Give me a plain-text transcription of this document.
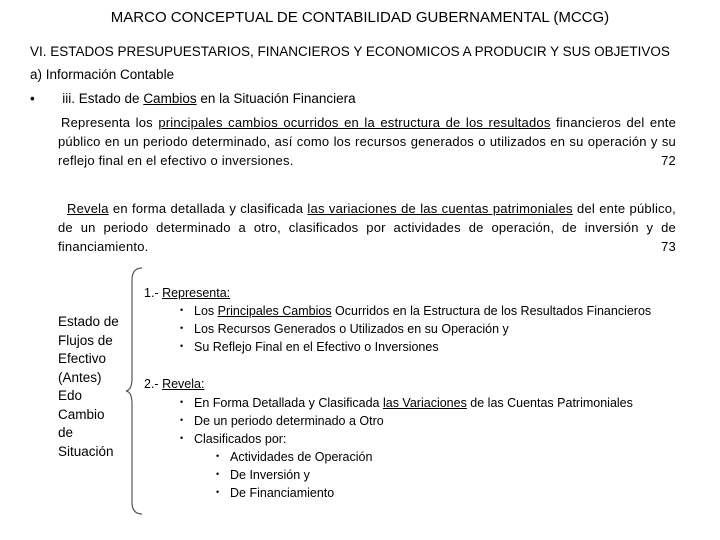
MARCO CONCEPTUAL DE CONTABILIDAD GUBERNAMENTAL (MCCG)
VI. ESTADOS PRESUPUESTARIOS, FINANCIEROS Y ECONOMICOS A PRODUCIR Y SUS OBJETIVOS
a) Información Contable
• iii. Estado de Cambios en la Situación Financiera
Representa los principales cambios ocurridos en la estructura de los resultados financieros del ente público en un periodo determinado, así como los recursos generados o utilizados en su operación y su reflejo final en el efectivo o inversiones.	72
Revela en forma detallada y clasificada las variaciones de las cuentas patrimoniales del ente público, de un periodo determinado a otro, clasificados por actividades de operación, de inversión y de financiamiento.	73
Estado de
Flujos de
Efectivo
(Antes)
Edo
Cambio
de
Situación
1.- Representa:
• Los Principales Cambios Ocurridos en la Estructura de los Resultados Financieros
• Los Recursos Generados o Utilizados en su Operación y
• Su Reflejo Final en el Efectivo o Inversiones
2.- Revela:
• En Forma Detallada y Clasificada las Variaciones de las Cuentas Patrimoniales
• De un periodo determinado a Otro
• Clasificados por:
• Actividades de Operación
• De Inversión y
• De Financiamiento
